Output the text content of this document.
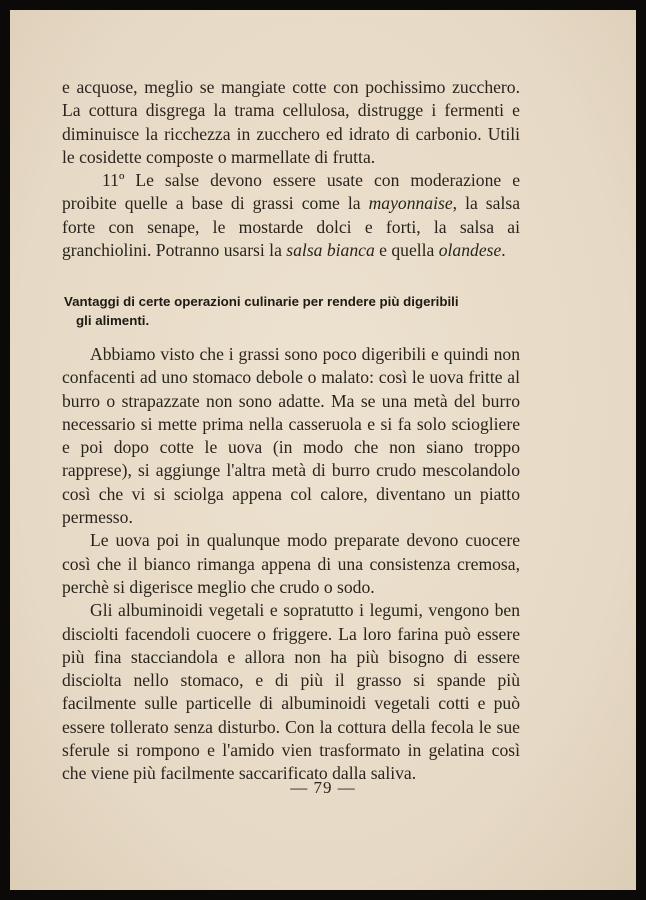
e acquose, meglio se mangiate cotte con pochissimo zucchero. La cottura disgrega la trama cellulosa, distrugge i fermenti e diminuisce la ricchezza in zucchero ed idrato di carbonio. Utili le cosidette composte o marmellate di frutta.

11º Le salse devono essere usate con moderazione e proibite quelle a base di grassi come la mayonnaise, la salsa forte con senape, le mostarde dolci e forti, la salsa ai granchiolini. Potranno usarsi la salsa bianca e quella olandese.

Vantaggi di certe operazioni culinarie per rendere più digeribili
gli alimenti.

Abbiamo visto che i grassi sono poco digeribili e quindi non confacenti ad uno stomaco debole o malato: così le uova fritte al burro o strapazzate non sono adatte. Ma se una metà del burro necessario si mette prima nella casseruola e si fa solo sciogliere e poi dopo cotte le uova (in modo che non siano troppo rapprese), si aggiunge l'altra metà di burro crudo mescolandolo così che vi si sciolga appena col calore, diventano un piatto permesso.

Le uova poi in qualunque modo preparate devono cuocere così che il bianco rimanga appena di una consistenza cremosa, perchè si digerisce meglio che crudo o sodo.

Gli albuminoidi vegetali e sopratutto i legumi, vengono ben disciolti facendoli cuocere o friggere. La loro farina può essere più fina stacciandola e allora non ha più bisogno di essere disciolta nello stomaco, e di più il grasso si spande più facilmente sulle particelle di albuminoidi vegetali cotti e può essere tollerato senza disturbo. Con la cottura della fecola le sue sferule si rompono e l'amido vien trasformato in gelatina così che viene più facilmente saccarificato dalla saliva.

— 79 —
